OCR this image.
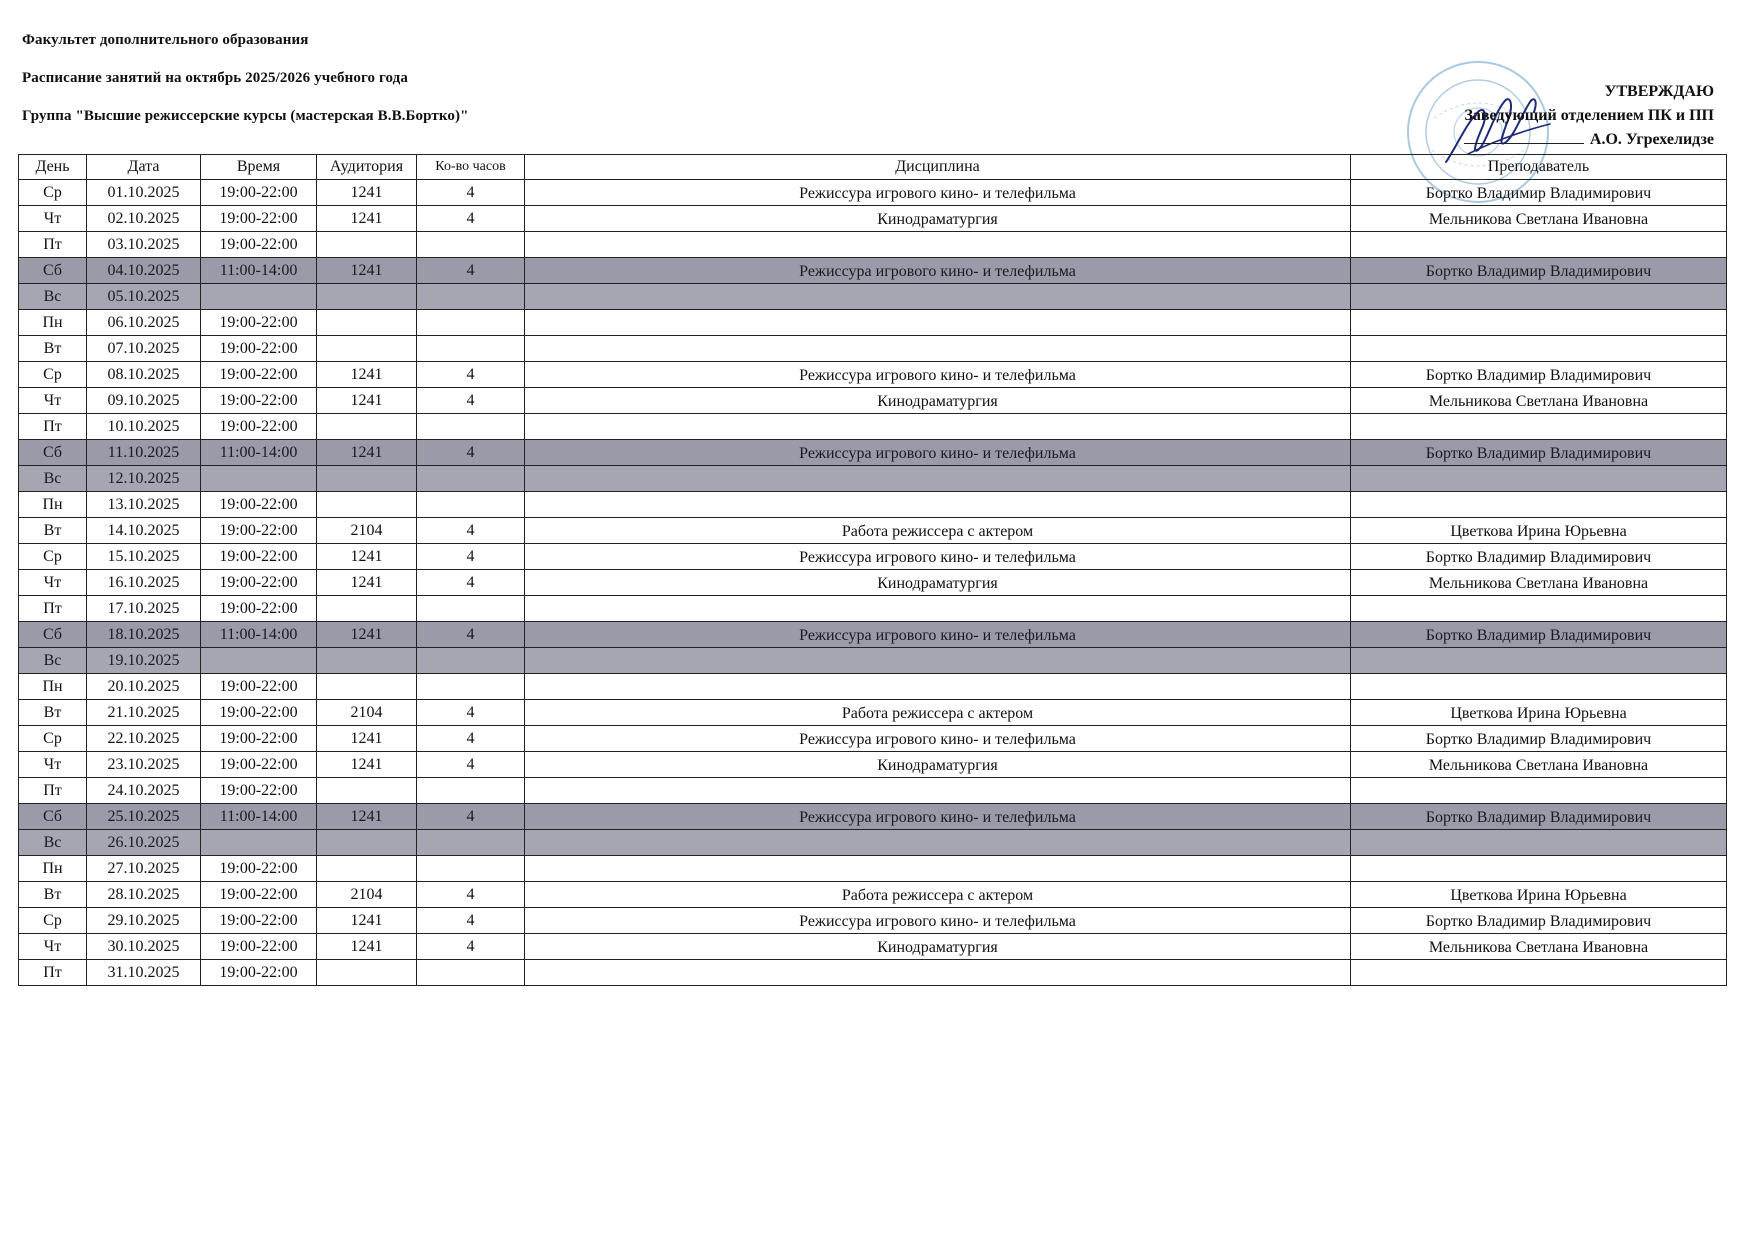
Факультет дополнительного образования
Расписание занятий на октябрь 2025/2026 учебного года
Группа "Высшие режиссерские курсы (мастерская В.В.Бортко)"
УТВЕРЖДАЮ
Заведующий отделением ПК и ПП
А.О. Угрехелидзе
День	Дата	Время	Аудитория	Ко-во часов	Дисциплина	Преподаватель
Ср	01.10.2025	19:00-22:00	1241	4	Режиссура игрового кино- и телефильма	Бортко Владимир Владимирович
Чт	02.10.2025	19:00-22:00	1241	4	Кинодраматургия	Мельникова Светлана Ивановна
Пт	03.10.2025	19:00-22:00				
Сб	04.10.2025	11:00-14:00	1241	4	Режиссура игрового кино- и телефильма	Бортко Владимир Владимирович
Вс	05.10.2025					
Пн	06.10.2025	19:00-22:00				
Вт	07.10.2025	19:00-22:00				
Ср	08.10.2025	19:00-22:00	1241	4	Режиссура игрового кино- и телефильма	Бортко Владимир Владимирович
Чт	09.10.2025	19:00-22:00	1241	4	Кинодраматургия	Мельникова Светлана Ивановна
Пт	10.10.2025	19:00-22:00				
Сб	11.10.2025	11:00-14:00	1241	4	Режиссура игрового кино- и телефильма	Бортко Владимир Владимирович
Вс	12.10.2025					
Пн	13.10.2025	19:00-22:00				
Вт	14.10.2025	19:00-22:00	2104	4	Работа режиссера с актером	Цветкова Ирина Юрьевна
Ср	15.10.2025	19:00-22:00	1241	4	Режиссура игрового кино- и телефильма	Бортко Владимир Владимирович
Чт	16.10.2025	19:00-22:00	1241	4	Кинодраматургия	Мельникова Светлана Ивановна
Пт	17.10.2025	19:00-22:00				
Сб	18.10.2025	11:00-14:00	1241	4	Режиссура игрового кино- и телефильма	Бортко Владимир Владимирович
Вс	19.10.2025					
Пн	20.10.2025	19:00-22:00				
Вт	21.10.2025	19:00-22:00	2104	4	Работа режиссера с актером	Цветкова Ирина Юрьевна
Ср	22.10.2025	19:00-22:00	1241	4	Режиссура игрового кино- и телефильма	Бортко Владимир Владимирович
Чт	23.10.2025	19:00-22:00	1241	4	Кинодраматургия	Мельникова Светлана Ивановна
Пт	24.10.2025	19:00-22:00				
Сб	25.10.2025	11:00-14:00	1241	4	Режиссура игрового кино- и телефильма	Бортко Владимир Владимирович
Вс	26.10.2025					
Пн	27.10.2025	19:00-22:00				
Вт	28.10.2025	19:00-22:00	2104	4	Работа режиссера с актером	Цветкова Ирина Юрьевна
Ср	29.10.2025	19:00-22:00	1241	4	Режиссура игрового кино- и телефильма	Бортко Владимир Владимирович
Чт	30.10.2025	19:00-22:00	1241	4	Кинодраматургия	Мельникова Светлана Ивановна
Пт	31.10.2025	19:00-22:00				
